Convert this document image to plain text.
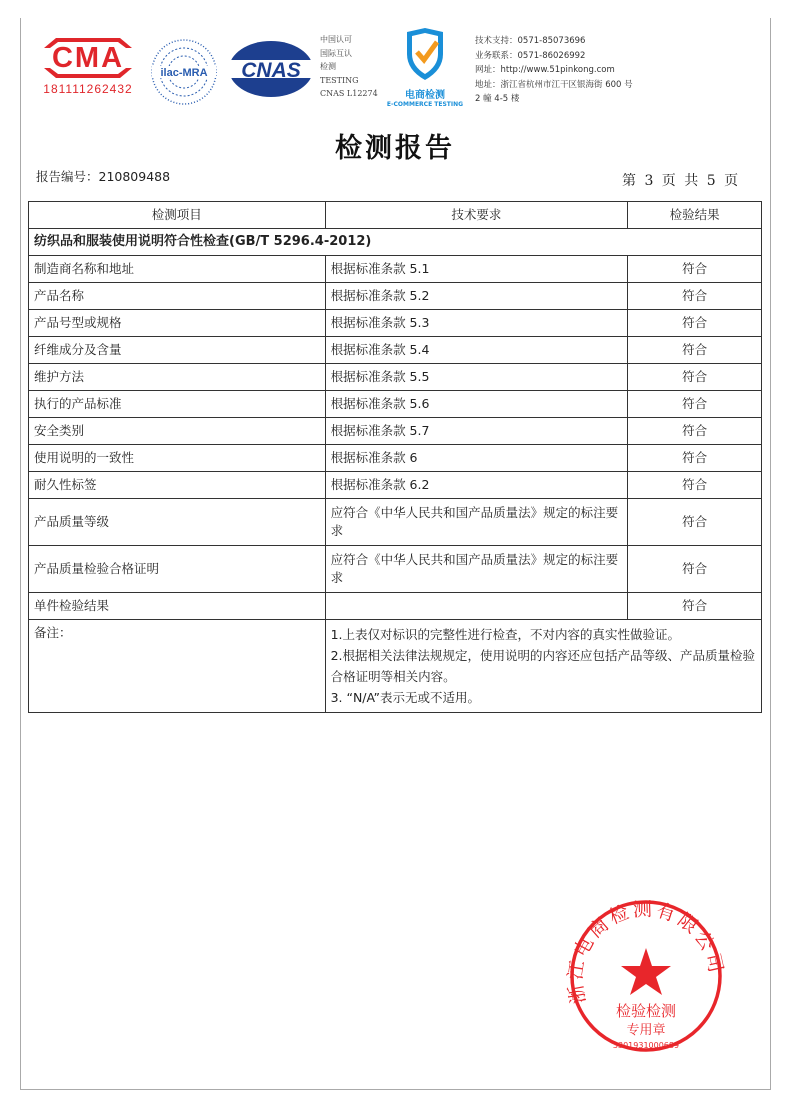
CMA
181111262432
ilac-MRA CNAS
中国认可
国际互认
检测
TESTING
CNAS L12274	电商检测
E-COMMERCE TESTING
技术支持：0571-85073696
业务联系：0571-86026992
网址：http://www.51pinkong.com
地址：浙江省杭州市江干区银海街 600 号
2 幢 4-5 楼
检测报告
报告编号：210809488	第 3 页 共 5 页
检测项目	技术要求	检验结果
纺织品和服装使用说明符合性检查(GB/T 5296.4-2012)		
制造商名称和地址	根据标准条款 5.1	符合
产品名称	根据标准条款 5.2	符合
产品号型或规格	根据标准条款 5.3	符合
纤维成分及含量	根据标准条款 5.4	符合
维护方法	根据标准条款 5.5	符合
执行的产品标准	根据标准条款 5.6	符合
安全类别	根据标准条款 5.7	符合
使用说明的一致性	根据标准条款 6	符合
耐久性标签	根据标准条款 6.2	符合
产品质量等级	应符合《中华人民共和国产品质量法》规定的标注要求	符合
产品质量检验合格证明	应符合《中华人民共和国产品质量法》规定的标注要求	符合
单件检验结果		符合
备注：	1.上表仅对标识的完整性进行检查，不对内容的真实性做验证。
2.根据相关法律法规规定，使用说明的内容还应包括产品等级、产品质量检验合格证明等相关内容。
3. “N/A”表示无或不适用。	
浙江电商检测有限公司
检验检测
专用章
3301931000689
